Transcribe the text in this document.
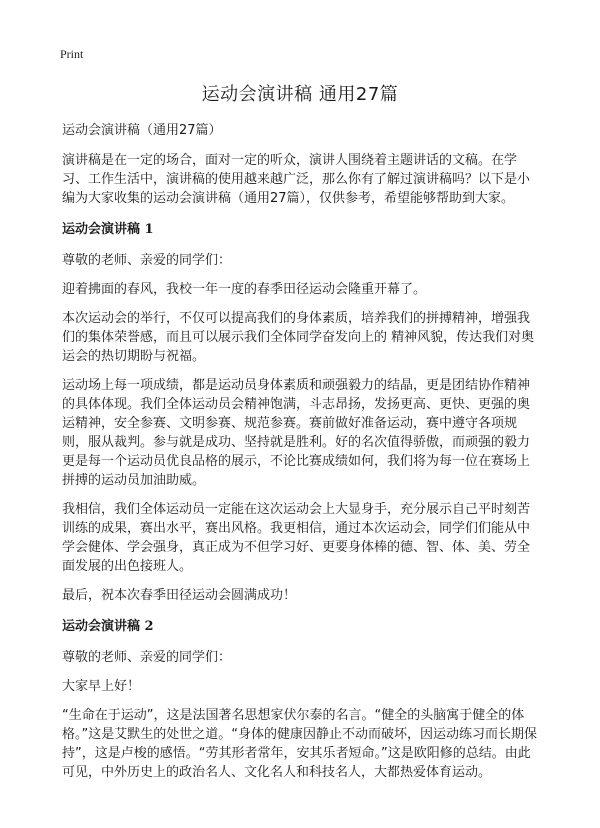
Print
运动会演讲稿 通用27篇

运动会演讲稿（通用27篇）

演讲稿是在一定的场合，面对一定的听众，演讲人围绕着主题讲话的文稿。在学习、工作生活中，演讲稿的使用越来越广泛，那么你有了解过演讲稿吗？以下是小编为大家收集的运动会演讲稿（通用27篇），仅供参考，希望能够帮助到大家。

运动会演讲稿 1

尊敬的老师、亲爱的同学们：

迎着拂面的春风，我校一年一度的春季田径运动会隆重开幕了。

本次运动会的举行，不仅可以提高我们的身体素质，培养我们的拼搏精神，增强我们的集体荣誉感，而且可以展示我们全体同学奋发向上的 精神风貌，传达我们对奥运会的热切期盼与祝福。

运动场上每一项成绩，都是运动员身体素质和顽强毅力的结晶，更是团结协作精神的具体体现。我们全体运动员会精神饱满，斗志昂扬，发扬更高、更快、更强的奥运精神，安全参赛、文明参赛、规范参赛。赛前做好准备运动，赛中遵守各项规则，服从裁判。参与就是成功、坚持就是胜利。好的名次值得骄傲，而顽强的毅力更是每一个运动员优良品格的展示，不论比赛成绩如何，我们将为每一位在赛场上拼搏的运动员加油助威。

我相信，我们全体运动员一定能在这次运动会上大显身手，充分展示自己平时刻苦训练的成果，赛出水平，赛出风格。我更相信，通过本次运动会，同学们们能从中学会健体、学会强身，真正成为不但学习好、更要身体棒的德、智、体、美、劳全面发展的出色接班人。

最后，祝本次春季田径运动会圆满成功！

运动会演讲稿 2

尊敬的老师、亲爱的同学们：

大家早上好！

“生命在于运动”，这是法国著名思想家伏尔泰的名言。“健全的头脑寓于健全的体格。”这是艾默生的处世之道。“身体的健康因静止不动而破坏，因运动练习而长期保持”，这是卢梭的感悟。“劳其形者常年，安其乐者短命。”这是欧阳修的总结。由此可见，中外历史上的政治名人、文化名人和科技名人，大都热爱体育运动。
